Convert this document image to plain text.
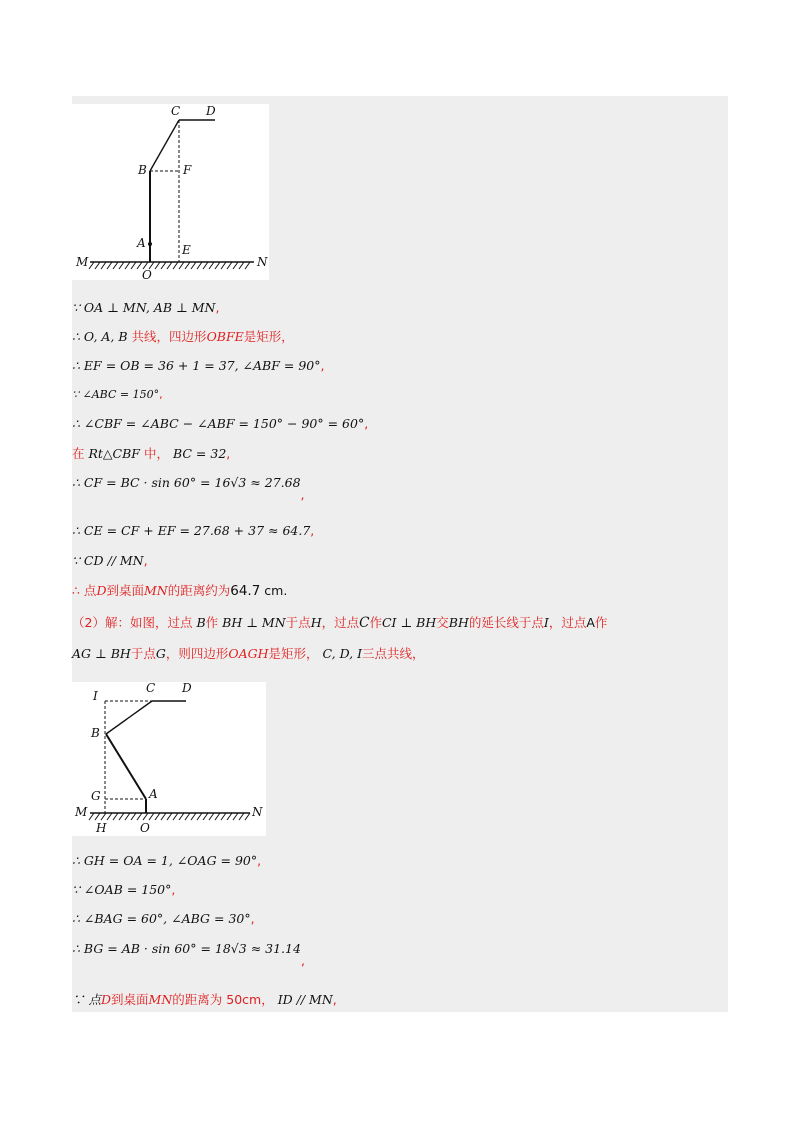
C D
B	F
A	E
M	N
O
∵ OA ⊥ MN, AB ⊥ MN,
∴ O, A, B 共线，四边形OBFE是矩形，
∴ EF = OB = 36 + 1 = 37, ∠ABF = 90°,
∵ ∠ABC = 150°,
∴ ∠CBF = ∠ABC − ∠ABF = 150° − 90° = 60°,
在 Rt△CBF 中， BC = 32,
∴ CF = BC · sin 60° = 16√3 ≈ 27.68,
∴ CE = CF + EF = 27.68 + 37 ≈ 64.7,
∵ CD // MN,
∴ 点D到桌面MN的距离约为64.7 cm.
（2）解：如图，过点 B作 BH ⊥ MN于点H，过点C作CI ⊥ BH交BH的延长线于点I，过点A作
AG ⊥ BH于点G，则四边形OAGH是矩形， C, D, I三点共线，
I
C D
B
G	A
M	N
H	O
∴ GH = OA = 1, ∠OAG = 90°,
∵ ∠OAB = 150°,
∴ ∠BAG = 60°, ∠ABG = 30°,
∴ BG = AB · sin 60° = 18√3 ≈ 31.14,
∵ 点D到桌面MN的距离为 50cm， ID // MN,
